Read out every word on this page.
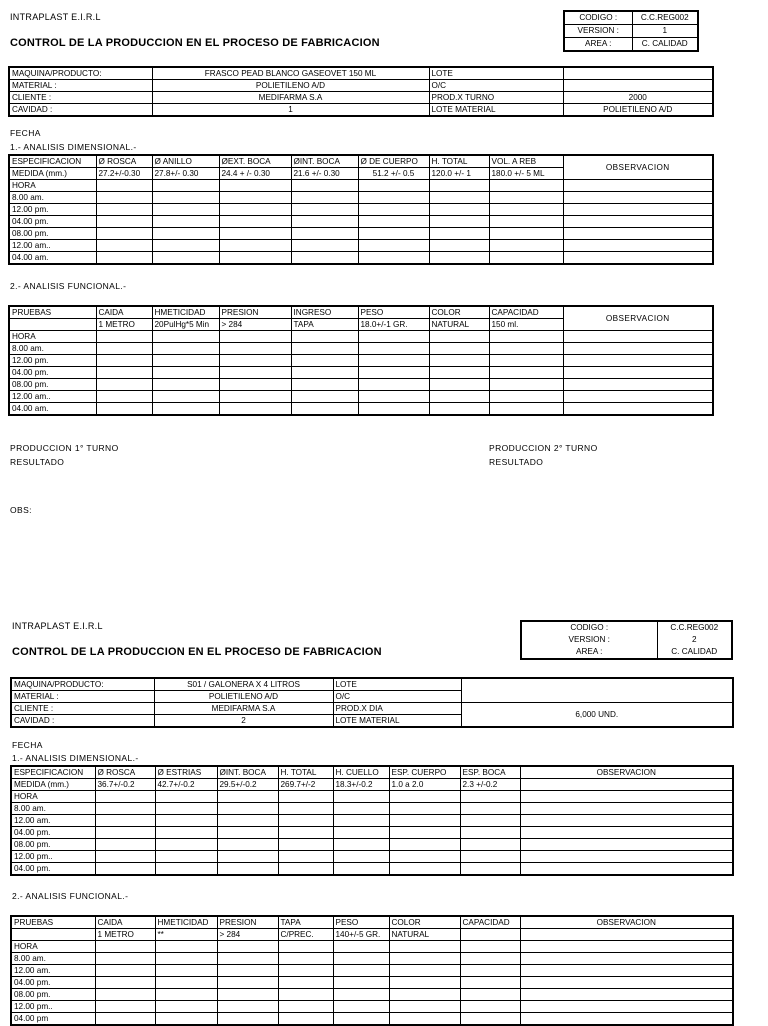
INTRAPLAST E.I.R.L
CONTROL DE LA PRODUCCION EN EL PROCESO DE FABRICACION
CODIGO :	C.C.REG002
VERSION :	1
AREA :	C. CALIDAD
MAQUINA/PRODUCTO:	FRASCO PEAD BLANCO GASEOVET 150 ML	LOTE	
MATERIAL :	POLIETILENO A/D	O/C	
CLIENTE :	MEDIFARMA S.A	PROD.X TURNO	2000
CAVIDAD :	1	LOTE MATERIAL	POLIETILENO A/D
FECHA
1.- ANALISIS DIMENSIONAL.-
ESPECIFICACION	Ø ROSCA	Ø ANILLO	ØEXT. BOCA	ØINT. BOCA	Ø DE CUERPO	H. TOTAL	VOL. A REB	OBSERVACION
MEDIDA (mm.)	27.2+/-0.30	27.8+/- 0.30	24.4 + /- 0.30	21.6 +/- 0.30	51.2 +/- 0.5	120.0 +/- 1	180.0 +/- 5 ML	
HORA								
8.00 am.								
12.00 pm.								
04.00 pm.								
08.00 pm.								
12.00 am..								
04.00 am.								
2.- ANALISIS FUNCIONAL.-
PRUEBAS	CAIDA	HMETICIDAD	PRESION	INGRESO	PESO	COLOR	CAPACIDAD	OBSERVACION
	1 METRO	20PulHg*5 Min	> 284	TAPA	18.0+/-1 GR.	NATURAL	150 ml.	
HORA								
8.00 am.								
12.00 pm.								
04.00 pm.								
08.00 pm.								
12.00 am..								
04.00 am.								
PRODUCCION 1° TURNO
RESULTADO
PRODUCCION 2° TURNO
RESULTADO
OBS:
INTRAPLAST E.I.R.L
CONTROL DE LA PRODUCCION EN EL PROCESO DE FABRICACION
CODIGO :	C.C.REG002
VERSION :	2
AREA :	C. CALIDAD
MAQUINA/PRODUCTO:	S01 / GALONERA X 4 LITROS	LOTE	
MATERIAL :	POLIETILENO A/D	O/C	
CLIENTE :	MEDIFARMA S.A	PROD.X DIA	6,000 UND.
CAVIDAD :	2	LOTE MATERIAL	
FECHA
1.- ANALISIS DIMENSIONAL.-
ESPECIFICACION	Ø ROSCA	Ø ESTRIAS	ØINT. BOCA	H. TOTAL	H. CUELLO	ESP. CUERPO	ESP. BOCA	OBSERVACION
MEDIDA (mm.)	36.7+/-0.2	42.7+/-0.2	29.5+/-0.2	269.7+/-2	18.3+/-0.2	1.0 a 2.0	2.3 +/-0.2	
HORA								
8.00 am.								
12.00 am.								
04.00 pm.								
08.00 pm.								
12.00 pm..								
04.00 pm.								
2.- ANALISIS FUNCIONAL.-
PRUEBAS	CAIDA	HMETICIDAD	PRESION	TAPA	PESO	COLOR	CAPACIDAD	OBSERVACION
	1 METRO	**	> 284	C/PREC.	140+/-5 GR.	NATURAL		
HORA								
8.00 am.								
12.00 am.								
04.00 pm.								
08.00 pm.								
12.00 pm..								
04.00 pm								
